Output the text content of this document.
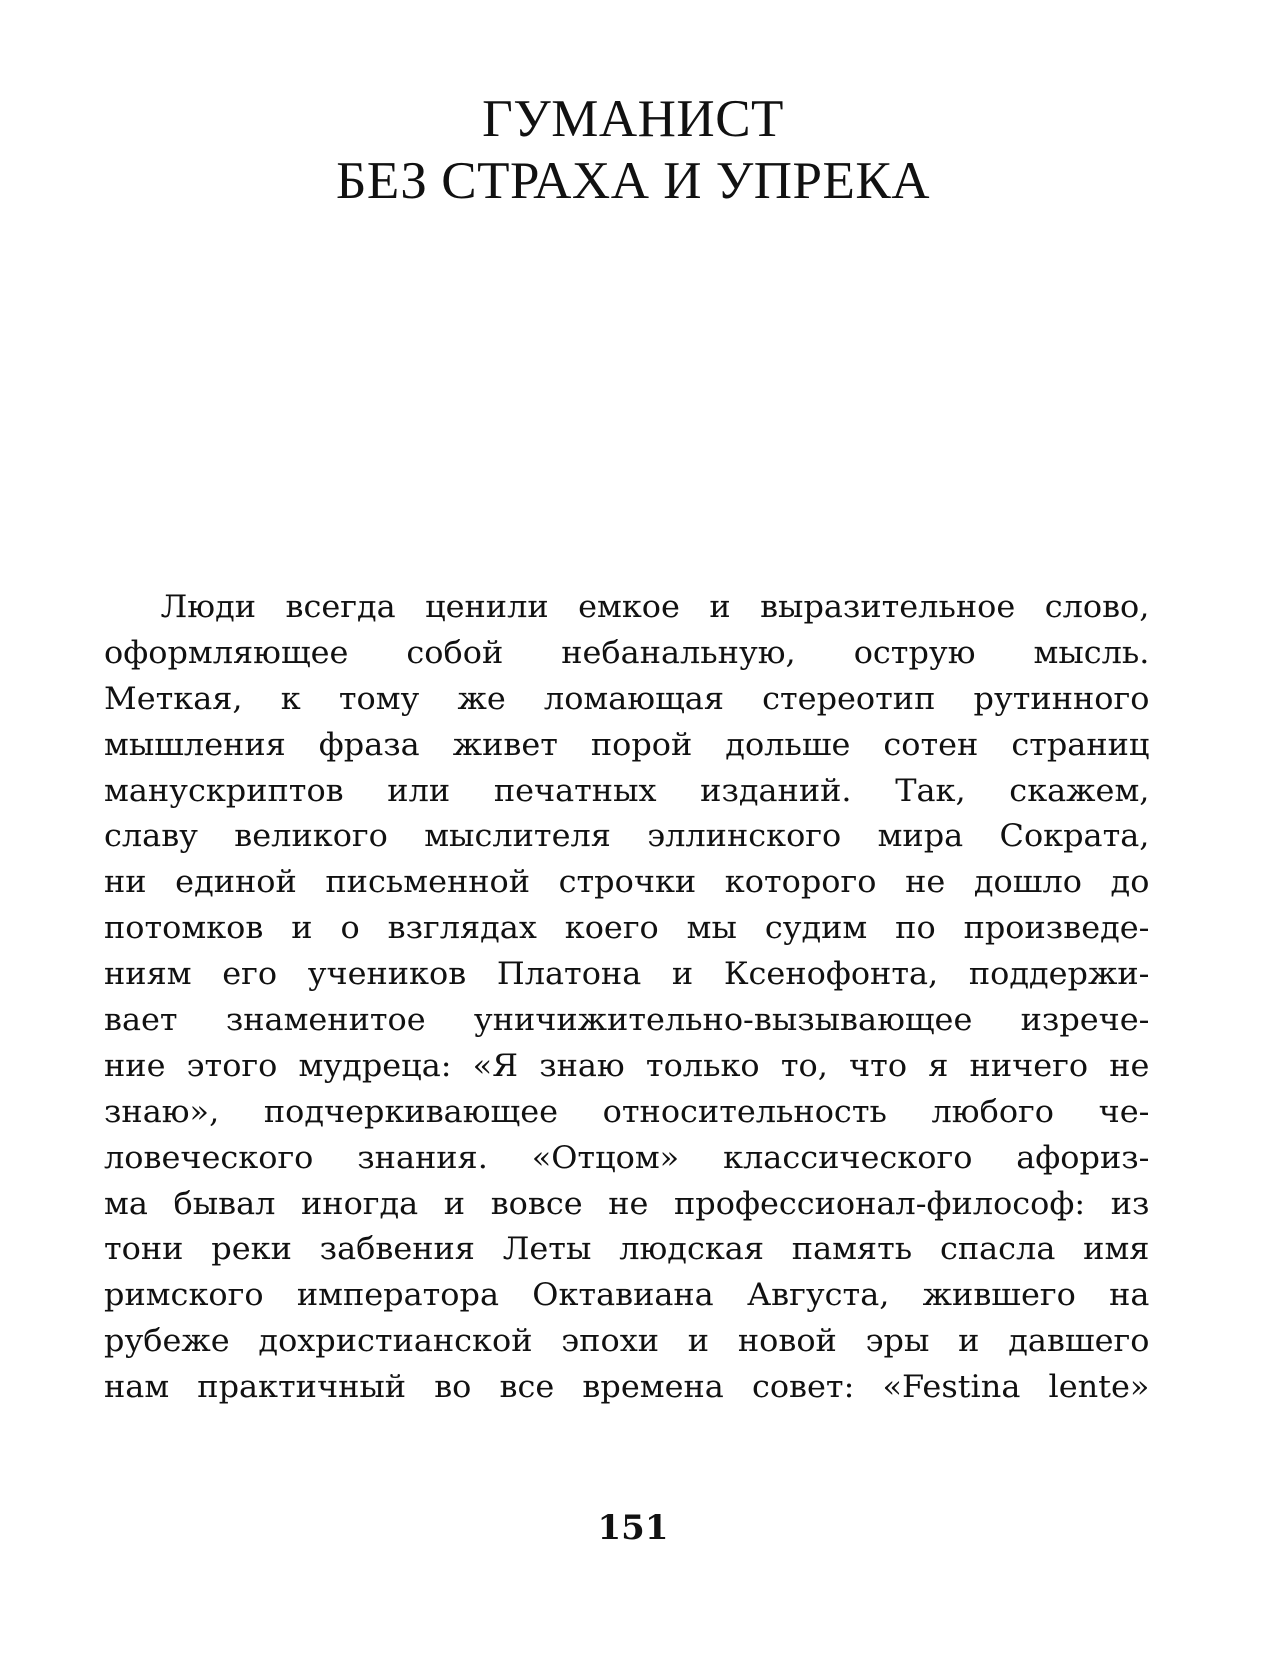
ГУМАНИСТ
БЕЗ СТРАХА И УПРЕКА
Люди всегда ценили емкое и выразительное слово,
оформляющее собой небанальную, острую мысль.
Меткая, к тому же ломающая стереотип рутинного
мышления фраза живет порой дольше сотен страниц
манускриптов или печатных изданий. Так, скажем,
славу великого мыслителя эллинского мира Сократа,
ни единой письменной строчки которого не дошло до
потомков и о взглядах коего мы судим по произведе-
ниям его учеников Платона и Ксенофонта, поддержи-
вает знаменитое уничижительно-вызывающее изрече-
ние этого мудреца: «Я знаю только то, что я ничего не
знаю», подчеркивающее относительность любого че-
ловеческого знания. «Отцом» классического афориз-
ма бывал иногда и вовсе не профессионал-философ: из
тони реки забвения Леты людская память спасла имя
римского императора Октавиана Августа, жившего на
рубеже дохристианской эпохи и новой эры и давшего
нам практичный во все времена совет: «Festina lente»
151
